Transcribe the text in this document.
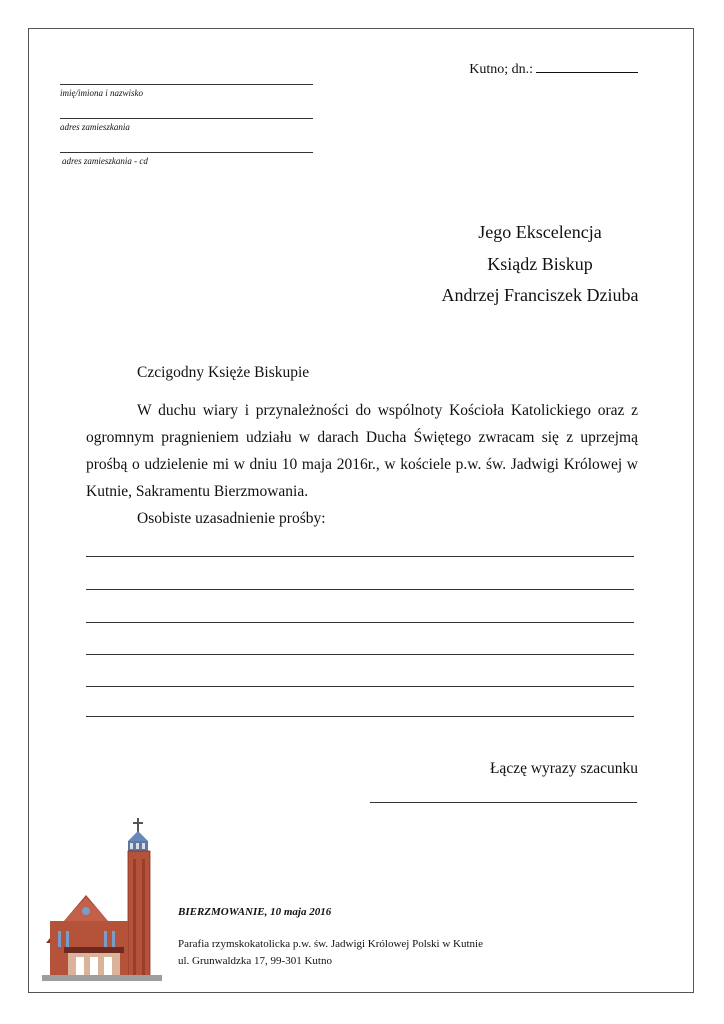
Kutno; dn.:
imię/imiona i nazwisko
adres zamieszkania
adres zamieszkania - cd
Jego Ekscelencja
Ksiądz Biskup
Andrzej Franciszek Dziuba
Czcigodny Księże Biskupie
W duchu wiary i przynależności do wspólnoty Kościoła Katolickiego oraz z ogromnym pragnieniem udziału w darach Ducha Świętego zwracam się z uprzejmą prośbą o udzielenie mi w dniu 10 maja 2016r., w kościele p.w. św. Jadwigi Królowej w Kutnie, Sakramentu Bierzmowania.
Osobiste uzasadnienie prośby:
Łączę wyrazy szacunku
BIERZMOWANIE, 10 maja 2016
Parafia rzymskokatolicka p.w. św. Jadwigi Królowej Polski w Kutnie
ul. Grunwaldzka 17, 99-301 Kutno
